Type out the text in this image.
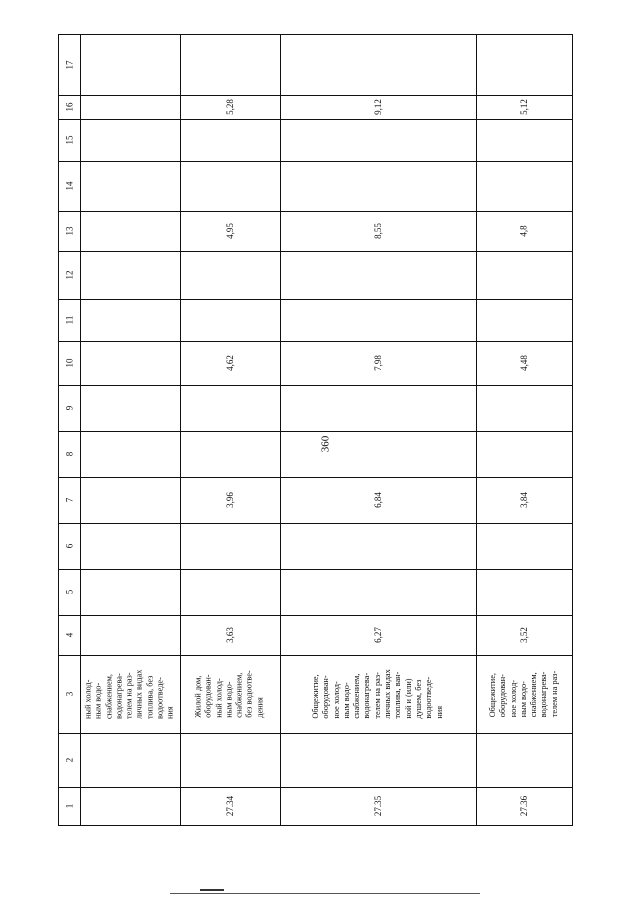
360
17
16
15
14
13
12
11
10
9
8
7
6
5
4
3
2
1
ный холод- ным водо- снабжением, водонагрева- телем на раз- личных видах топлива, без водоотведе- ния Жилой дом, оборудован- ный холод- ным водо- снабжением, без водоотве- дения
27.34
3,63
3,96
4,62
4,95
5,28
Общежитие, оборудован- ное холод- ным водо- снабжением, водонагрева- телем на раз- личных видах топлива, ван- ной и (или) душем, без водоотведе- ния
27.35
6,27
6,84
7,98
8,55
9,12
Общежитие, оборудован- ное холод- ным водо- снабжением, водонагрева- телем на раз-
27.36
3,52
3,84
4,48
4,8
5,12
